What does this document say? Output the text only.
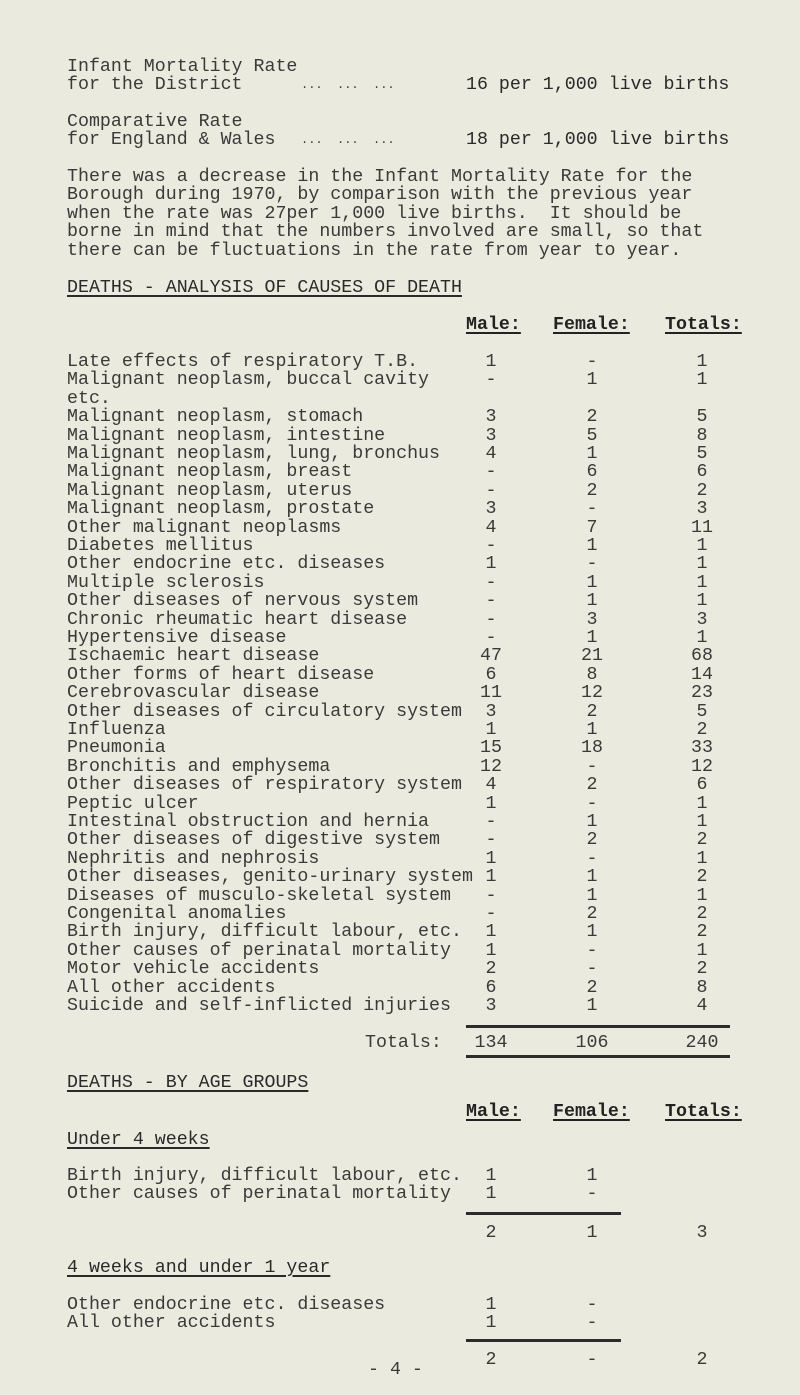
Infant Mortality Rate
for the District	...  ...  ...	16 per 1,000 live births
Comparative Rate
for England & Wales ...  ...  ...	18 per 1,000 live births
There was a decrease in the Infant Mortality Rate for the
Borough during 1970, by comparison with the previous year
when the rate was 27per 1,000 live births.  It should be
borne in mind that the numbers involved are small, so that
there can be fluctuations in the rate from year to year.
DEATHS - ANALYSIS OF CAUSES OF DEATH
Male: Female: Totals:
Late effects of respiratory T.B.	1	-	1
Malignant neoplasm, buccal cavity	-	1	1
etc.
Malignant neoplasm, stomach	3	2	5
Malignant neoplasm, intestine	3	5	8
Malignant neoplasm, lung, bronchus	4	1	5
Malignant neoplasm, breast	-	6	6
Malignant neoplasm, uterus	-	2	2
Malignant neoplasm, prostate	3	-	3
Other malignant neoplasms	4	7	11
Diabetes mellitus	-	1	1
Other endocrine etc. diseases	1	-	1
Multiple sclerosis	-	1	1
Other diseases of nervous system	-	1	1
Chronic rheumatic heart disease	-	3	3
Hypertensive disease	-	1	1
Ischaemic heart disease	47	21	68
Other forms of heart disease	6	8	14
Cerebrovascular disease	11	12	23
Other diseases of circulatory system	3	2	5
Influenza	1	1	2
Pneumonia	15	18	33
Bronchitis and emphysema	12	-	12
Other diseases of respiratory system	4	2	6
Peptic ulcer	1	-	1
Intestinal obstruction and hernia	-	1	1
Other diseases of digestive system	-	2	2
Nephritis and nephrosis	1	-	1
Other diseases, genito-urinary system 1	1	2
Diseases of musculo-skeletal system	-	1	1
Congenital anomalies	-	2	2
Birth injury, difficult labour, etc.	1	1	2
Other causes of perinatal mortality	1	-	1
Motor vehicle accidents	2	-	2
All other accidents	6	2	8
Suicide and self-inflicted injuries	3	1	4
Totals: 134	106	240
DEATHS - BY AGE GROUPS
Male: Female: Totals:
Under 4 weeks
Birth injury, difficult labour, etc.	1	1
Other causes of perinatal mortality	1	-
2	1	3
4 weeks and under 1 year
Other endocrine etc. diseases	1	-
All other accidents	1	-
2	-	2
- 4 -
